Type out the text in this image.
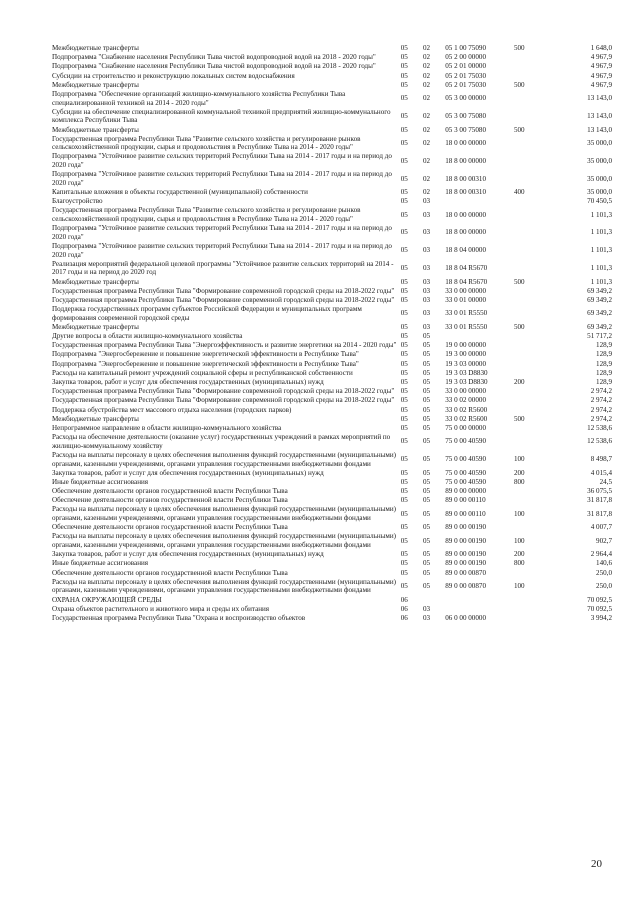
Межбюджетные трансферты	05	02	05 1 00 75090	500	1 648,0
Подпрограмма "Снабжение населения Республики Тыва чистой водопроводной водой на 2018 - 2020 годы"	05	02	05 2 00 00000		4 967,9
Подпрограмма "Снабжение населения Республики Тыва чистой водопроводной водой на 2018 - 2020 годы"	05	02	05 2 01 00000		4 967,9
Субсидии на строительство и реконструкцию локальных систем водоснабжения	05	02	05 2 01 75030		4 967,9
Межбюджетные трансферты	05	02	05 2 01 75030	500	4 967,9
Подпрограмма "Обеспечение организаций жилищно-коммунального хозяйства Республики Тыва специализированной техникой на 2014 - 2020 годы"	05	02	05 3 00 00000		13 143,0
Субсидии на обеспечение специализированной коммунальной техникой предприятий жилищно-коммунального комплекса Республики Тыва	05	02	05 3 00 75080		13 143,0
Межбюджетные трансферты	05	02	05 3 00 75080	500	13 143,0
Государственная программа Республики Тыва "Развитие сельского хозяйства и регулирование рынков сельскохозяйственной продукции, сырья и продовольствия в Республике Тыва на 2014 - 2020 годы"	05	02	18 0 00 00000		35 000,0
Подпрограмма "Устойчивое развитие сельских территорий Республики Тыва на 2014 - 2017 годы и на период до 2020 года"	05	02	18 8 00 00000		35 000,0
Подпрограмма "Устойчивое развитие сельских территорий Республики Тыва на 2014 - 2017 годы и на период до 2020 года"	05	02	18 8 00 00310		35 000,0
Капитальные вложения в объекты государственной (муниципальной) собственности	05	02	18 8 00 00310	400	35 000,0
Благоустройство	05	03			70 450,5
Государственная программа Республики Тыва "Развитие сельского хозяйства и регулирование рынков сельскохозяйственной продукции, сырья и продовольствия в Республике Тыва на 2014 - 2020 годы"	05	03	18 0 00 00000		1 101,3
Подпрограмма "Устойчивое развитие сельских территорий Республики Тыва на 2014 - 2017 годы и на период до 2020 года"	05	03	18 8 00 00000		1 101,3
Подпрограмма "Устойчивое развитие сельских территорий Республики Тыва на 2014 - 2017 годы и на период до 2020 года"	05	03	18 8 04 00000		1 101,3
Реализация мероприятий федеральной целевой программы "Устойчивое развитие сельских территорий на 2014 - 2017 годы и на период до 2020 год	05	03	18 8 04 R5670		1 101,3
Межбюджетные трансферты	05	03	18 8 04 R5670	500	1 101,3
Государственная программа Республики Тыва "Формирование современной городской среды на 2018-2022 годы"	05	03	33 0 00 00000		69 349,2
Государственная программа Республики Тыва "Формирование современной городской среды на 2018-2022 годы"	05	03	33 0 01 00000		69 349,2
Поддержка государственных программ субъектов Российской Федерации и муниципальных программ формирования современной городской среды	05	03	33 0 01 R5550		69 349,2
Межбюджетные трансферты	05	03	33 0 01 R5550	500	69 349,2
Другие вопросы в области жилищно-коммунального хозяйства	05	05			51 717,2
Государственная программа Республики Тыва "Энергоэффективность и развитие энергетики на 2014 - 2020 годы"	05	05	19 0 00 00000		128,9
Подпрограмма "Энергосбережение и повышение энергетической эффективности в Республике Тыва"	05	05	19 3 00 00000		128,9
Подпрограмма "Энергосбережение и повышение энергетической эффективности в Республике Тыва"	05	05	19 3 03 00000		128,9
Расходы на капитальный ремонт учреждений социальной сферы и республиканской собственности	05	05	19 3 03 D8830		128,9
Закупка товаров, работ и услуг для обеспечения государственных (муниципальных) нужд	05	05	19 3 03 D8830	200	128,9
Государственная программа Республики Тыва "Формирование современной городской среды на 2018-2022 годы"	05	05	33 0 00 00000		2 974,2
Государственная программа Республики Тыва "Формирование современной городской среды на 2018-2022 годы"	05	05	33 0 02 00000		2 974,2
Поддержка обустройства мест массового отдыха населения (городских парков)	05	05	33 0 02 R5600		2 974,2
Межбюджетные трансферты	05	05	33 0 02 R5600	500	2 974,2
Непрограммное направление в области жилищно-коммунального хозяйства	05	05	75 0 00 00000		12 538,6
Расходы на обеспечение деятельности (оказание услуг) государственных учреждений в рамках мероприятий по жилищно-коммунальному хозяйству	05	05	75 0 00 40590		12 538,6
Расходы на выплаты персоналу в целях обеспечения выполнения функций государственными (муниципальными) органами, казенными учреждениями, органами управления государственными внебюджетными фондами	05	05	75 0 00 40590	100	8 498,7
Закупка товаров, работ и услуг для обеспечения государственных (муниципальных) нужд	05	05	75 0 00 40590	200	4 015,4
Иные бюджетные ассигнования	05	05	75 0 00 40590	800	24,5
Обеспечение деятельности органов государственной власти Республики Тыва	05	05	89 0 00 00000		36 075,5
Обеспечение деятельности органов государственной власти Республики Тыва	05	05	89 0 00 00110		31 817,8
Расходы на выплаты персоналу в целях обеспечения выполнения функций государственными (муниципальными) органами, казенными учреждениями, органами управления государственными внебюджетными фондами	05	05	89 0 00 00110	100	31 817,8
Обеспечение деятельности органов государственной власти Республики Тыва	05	05	89 0 00 00190		4 007,7
Расходы на выплаты персоналу в целях обеспечения выполнения функций государственными (муниципальными) органами, казенными учреждениями, органами управления государственными внебюджетными фондами	05	05	89 0 00 00190	100	902,7
Закупка товаров, работ и услуг для обеспечения государственных (муниципальных) нужд	05	05	89 0 00 00190	200	2 964,4
Иные бюджетные ассигнования	05	05	89 0 00 00190	800	140,6
Обеспечение деятельности органов государственной власти Республики Тыва	05	05	89 0 00 00870		250,0
Расходы на выплаты персоналу в целях обеспечения выполнения функций государственными (муниципальными) органами, казенными учреждениями, органами управления государственными внебюджетными фондами	05	05	89 0 00 00870	100	250,0
ОХРАНА ОКРУЖАЮЩЕЙ СРЕДЫ	06				70 092,5
Охрана объектов растительного и животного мира и среды их обитания	06	03			70 092,5
Государственная программа Республики Тыва "Охрана и воспроизводство объектов	06	03	06 0 00 00000		3 994,2
20
